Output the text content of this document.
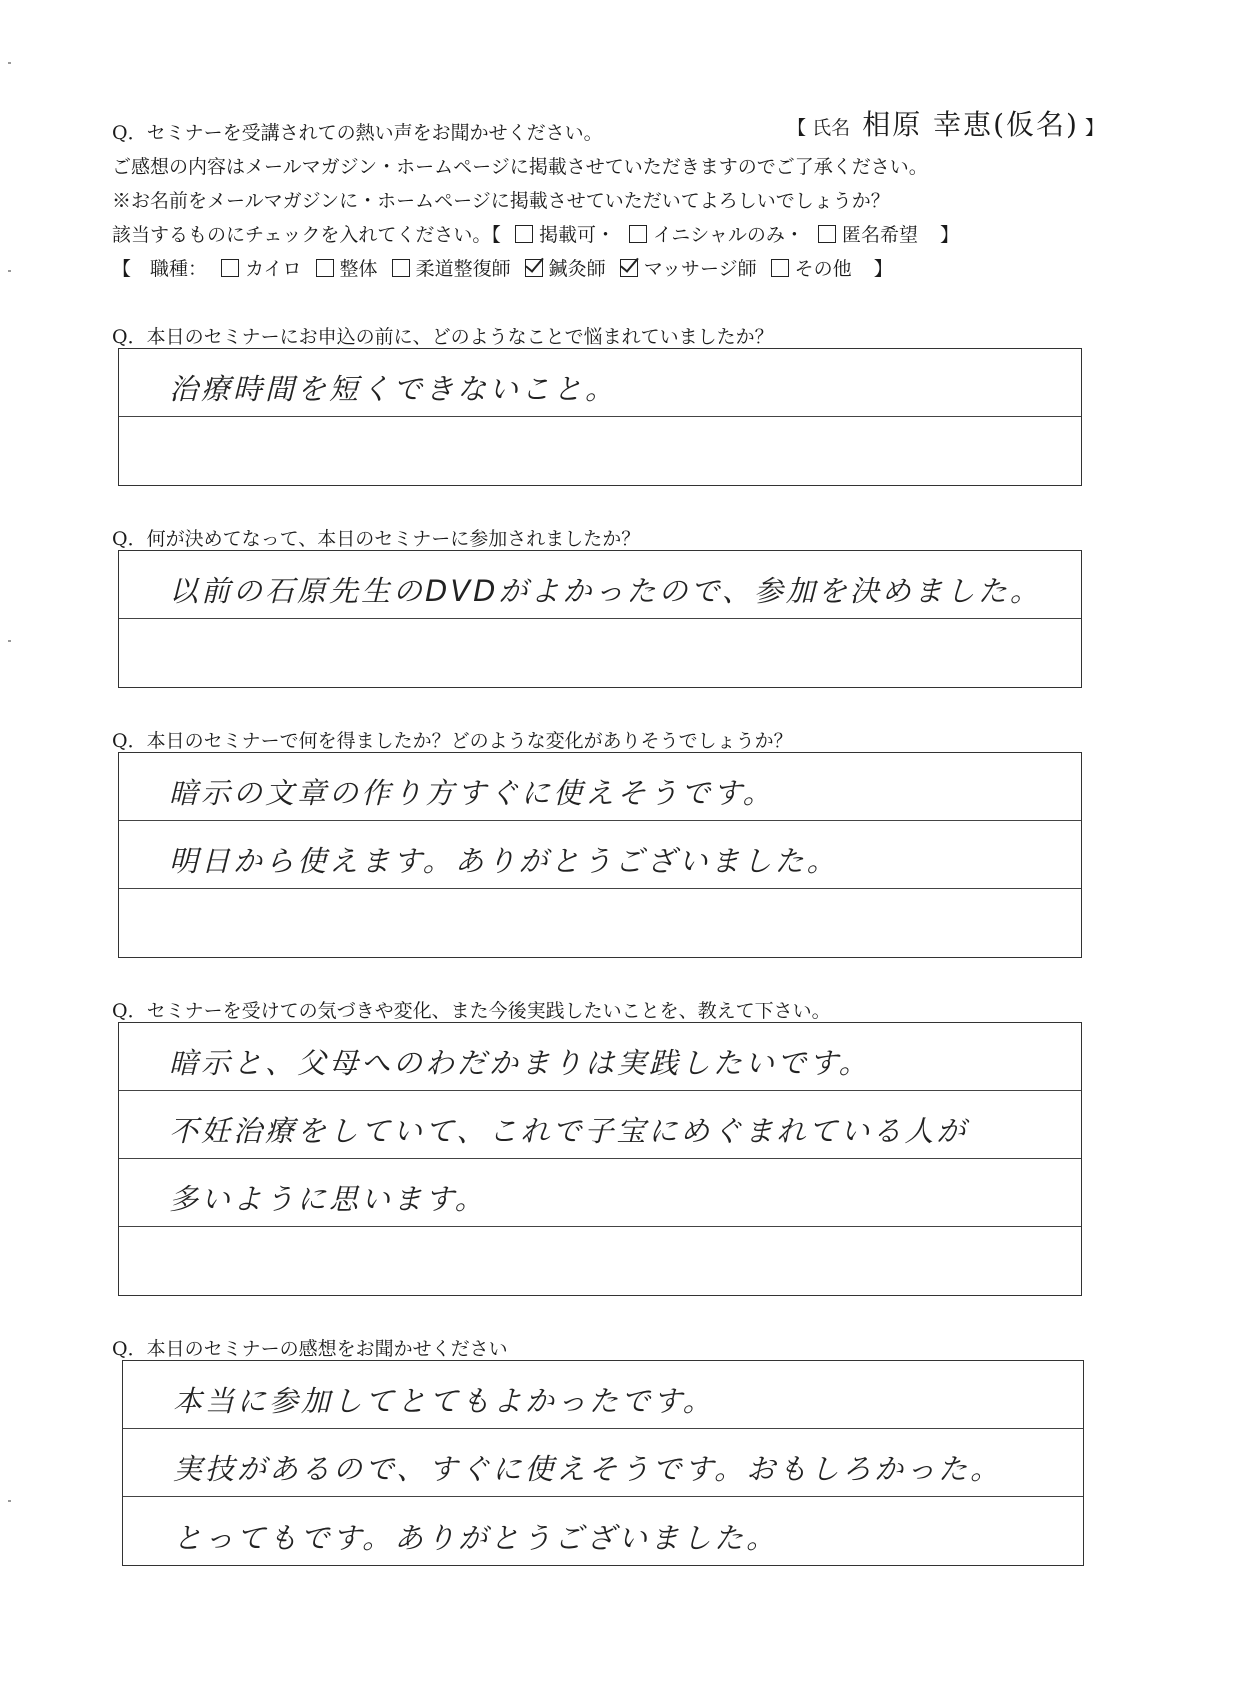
Q．セミナーを受講されての熱い声をお聞かせください。	【 氏名 相原 幸恵(仮名) 】
ご感想の内容はメールマガジン・ホームページに掲載させていただきますのでご了承ください。
※お名前をメールマガジンに・ホームページに掲載させていただいてよろしいでしょうか？
該当するものにチェックを入れてください。【 掲載可・ イニシャルのみ・ 匿名希望 】
【　職種： カイロ 整体 柔道整復師 鍼灸師 マッサージ師 その他 】
Q．本日のセミナーにお申込の前に、どのようなことで悩まれていましたか？
治療時間を短くできないこと。
Q．何が決めてなって、本日のセミナーに参加されましたか？
以前の石原先生のDVDがよかったので、参加を決めました。
Q．本日のセミナーで何を得ましたか？どのような変化がありそうでしょうか？
暗示の文章の作り方すぐに使えそうです。
明日から使えます。ありがとうございました。
Q．セミナーを受けての気づきや変化、また今後実践したいことを、教えて下さい。
暗示と、父母へのわだかまりは実践したいです。
不妊治療をしていて、これで子宝にめぐまれている人が
多いように思います。
Q．本日のセミナーの感想をお聞かせください
本当に参加してとてもよかったです。
実技があるので、すぐに使えそうです。おもしろかった。
とってもです。ありがとうございました。
